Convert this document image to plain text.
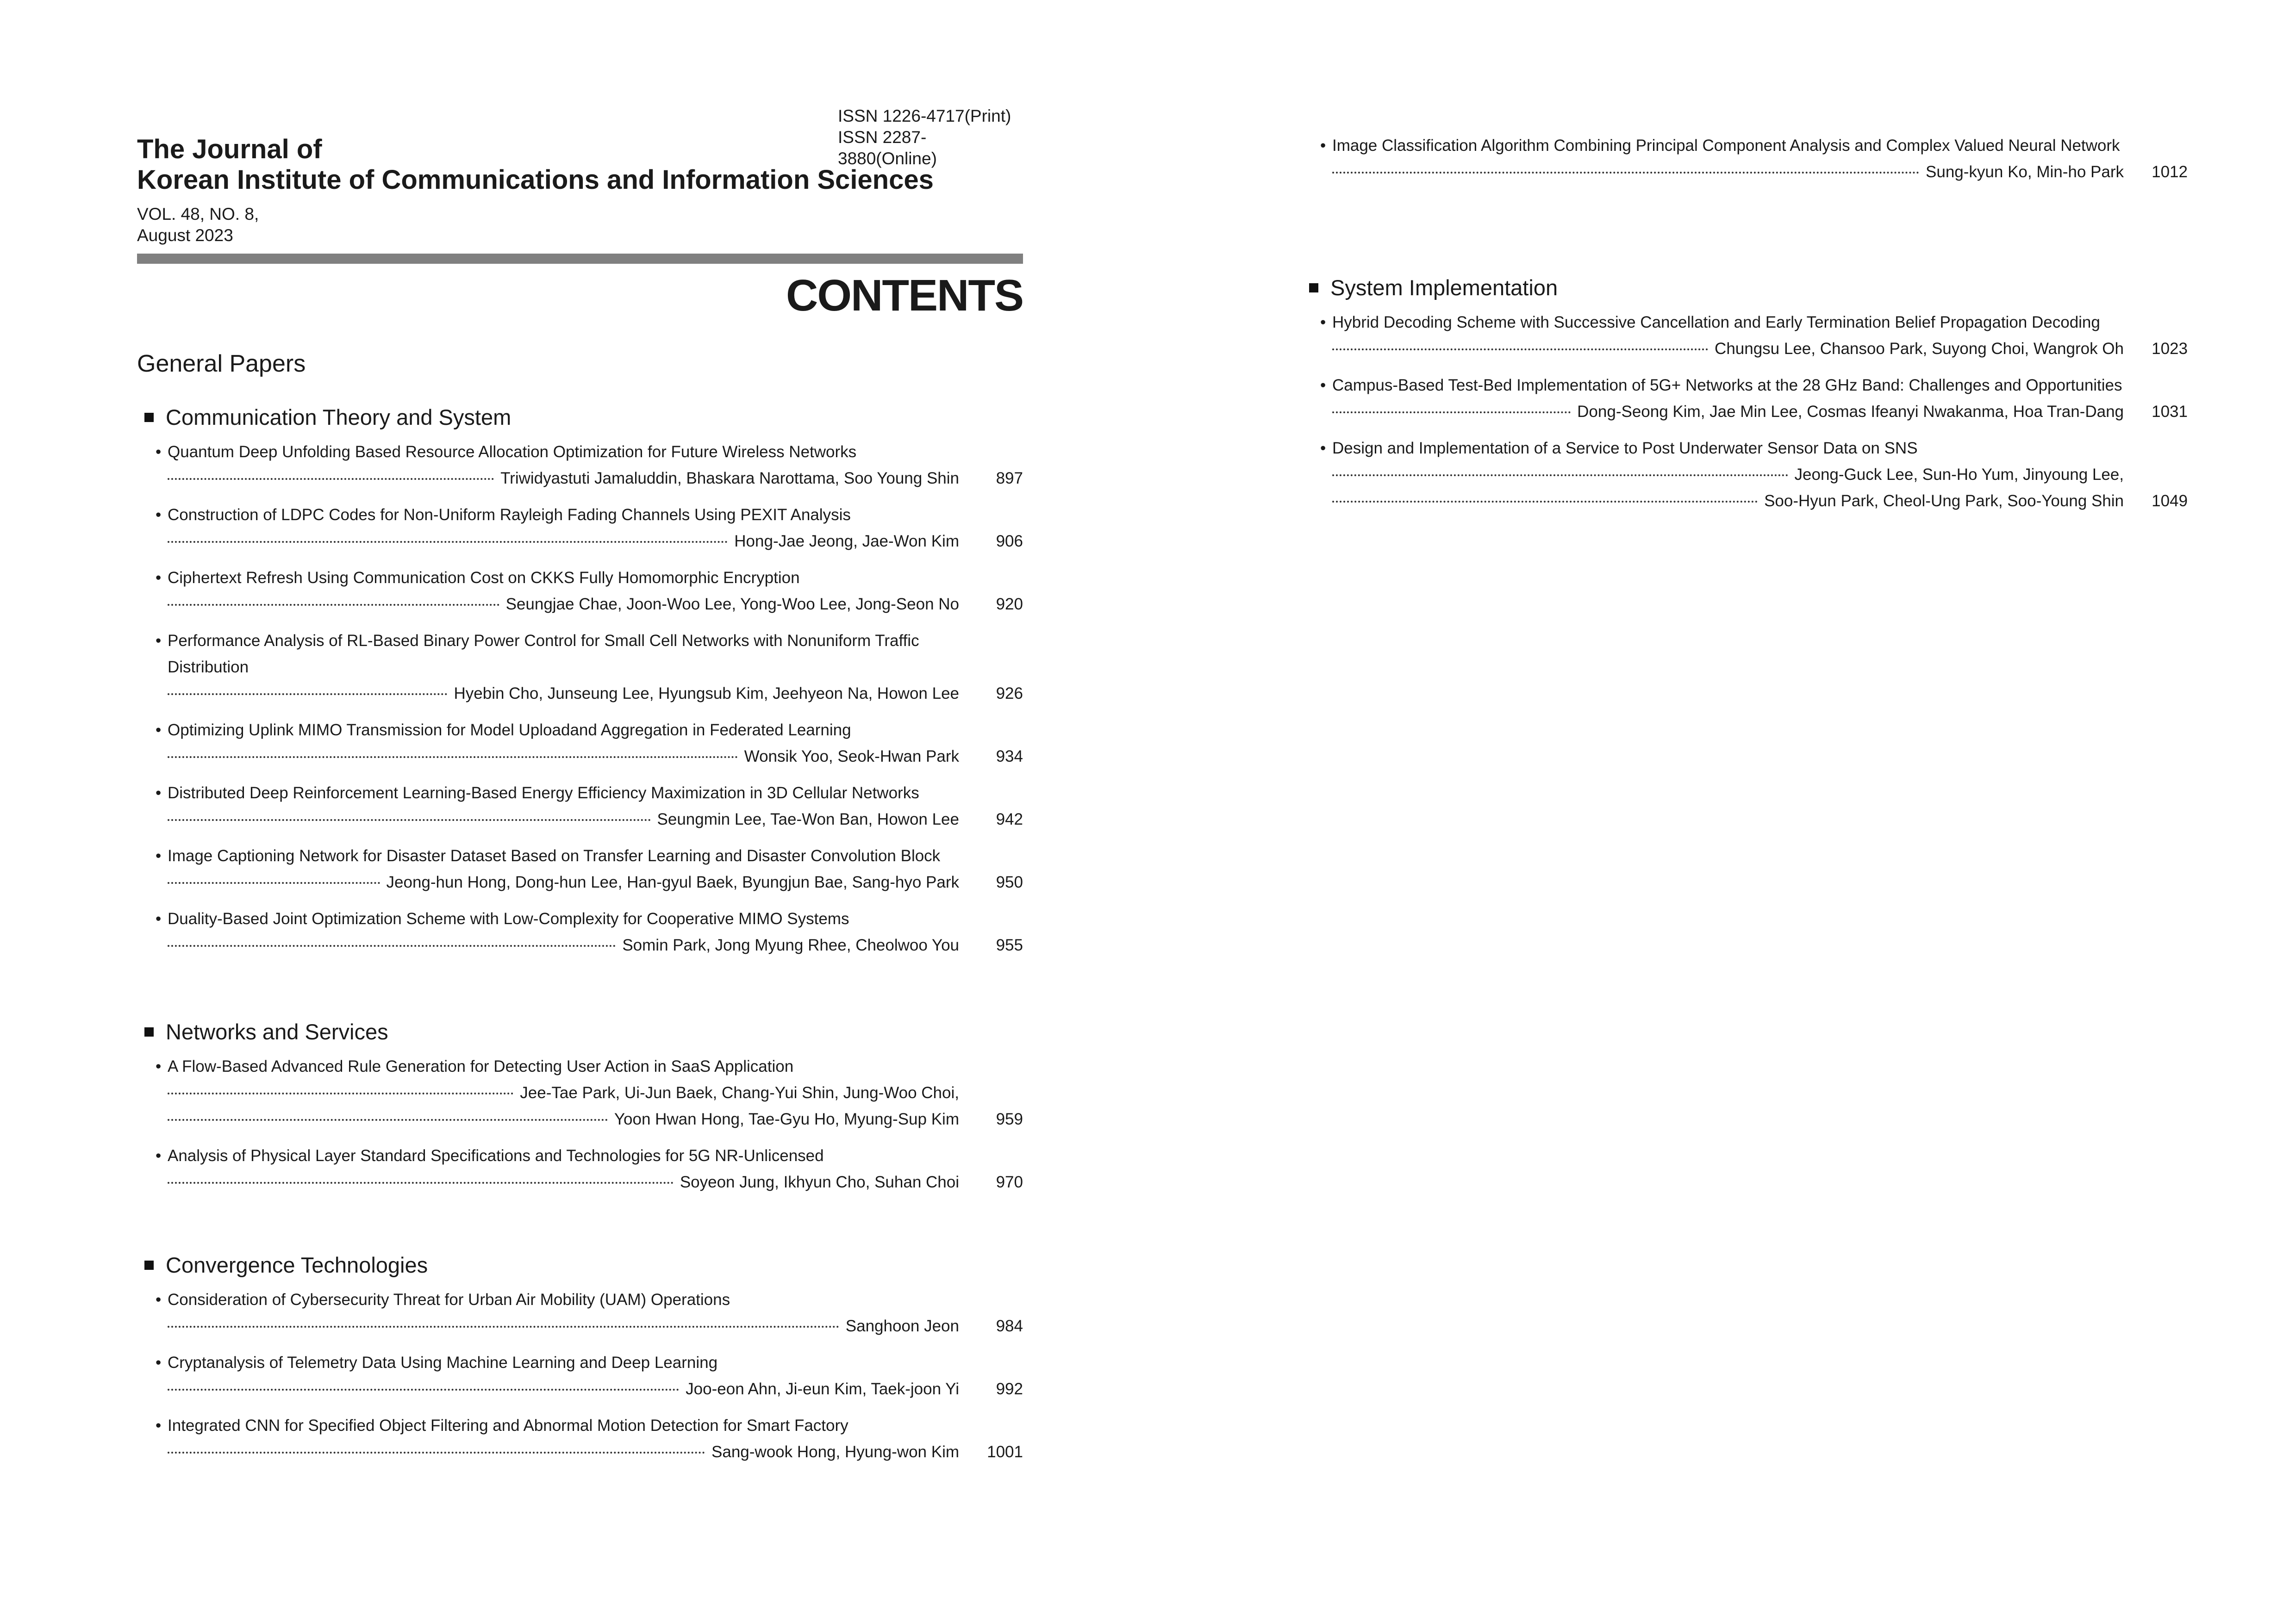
ISSN 1226-4717(Print)
ISSN 2287-3880(Online)
The Journal of
Korean Institute of Communications and Information Sciences
VOL. 48, NO. 8,
August 2023
CONTENTS
General Papers
Communication Theory and System
• Quantum Deep Unfolding Based Resource Allocation Optimization for Future Wireless Networks
Triwidyastuti Jamaluddin, Bhaskara Narottama, Soo Young Shin	897
• Construction of LDPC Codes for Non-Uniform Rayleigh Fading Channels Using PEXIT Analysis
Hong-Jae Jeong, Jae-Won Kim	906
• Ciphertext Refresh Using Communication Cost on CKKS Fully Homomorphic Encryption
Seungjae Chae, Joon-Woo Lee, Yong-Woo Lee, Jong-Seon No	920
• Performance Analysis of RL-Based Binary Power Control for Small Cell Networks with Nonuniform Traffic Distribution
Hyebin Cho, Junseung Lee, Hyungsub Kim, Jeehyeon Na, Howon Lee	926
• Optimizing Uplink MIMO Transmission for Model Uploadand Aggregation in Federated Learning
Wonsik Yoo, Seok-Hwan Park	934
• Distributed Deep Reinforcement Learning-Based Energy Efficiency Maximization in 3D Cellular Networks
Seungmin Lee, Tae-Won Ban, Howon Lee	942
• Image Captioning Network for Disaster Dataset Based on Transfer Learning and Disaster Convolution Block
Jeong-hun Hong, Dong-hun Lee, Han-gyul Baek, Byungjun Bae, Sang-hyo Park	950
• Duality-Based Joint Optimization Scheme with Low-Complexity for Cooperative MIMO Systems
Somin Park, Jong Myung Rhee, Cheolwoo You	955
Networks and Services
• A Flow-Based Advanced Rule Generation for Detecting User Action in SaaS Application
Jee-Tae Park, Ui-Jun Baek, Chang-Yui Shin, Jung-Woo Choi,
Yoon Hwan Hong, Tae-Gyu Ho, Myung-Sup Kim	959
• Analysis of Physical Layer Standard Specifications and Technologies for 5G NR-Unlicensed
Soyeon Jung, Ikhyun Cho, Suhan Choi	970
Convergence Technologies
• Consideration of Cybersecurity Threat for Urban Air Mobility (UAM) Operations
Sanghoon Jeon	984
• Cryptanalysis of Telemetry Data Using Machine Learning and Deep Learning
Joo-eon Ahn, Ji-eun Kim, Taek-joon Yi	992
• Integrated CNN for Specified Object Filtering and Abnormal Motion Detection for Smart Factory
Sang-wook Hong, Hyung-won Kim	1001
• Image Classification Algorithm Combining Principal Component Analysis and Complex Valued Neural Network
Sung-kyun Ko, Min-ho Park	1012
System Implementation
• Hybrid Decoding Scheme with Successive Cancellation and Early Termination Belief Propagation Decoding
Chungsu Lee, Chansoo Park, Suyong Choi, Wangrok Oh	1023
• Campus-Based Test-Bed Implementation of 5G+ Networks at the 28 GHz Band: Challenges and Opportunities
Dong-Seong Kim, Jae Min Lee, Cosmas Ifeanyi Nwakanma, Hoa Tran-Dang	1031
• Design and Implementation of a Service to Post Underwater Sensor Data on SNS
Jeong-Guck Lee, Sun-Ho Yum, Jinyoung Lee,
Soo-Hyun Park, Cheol-Ung Park, Soo-Young Shin	1049
